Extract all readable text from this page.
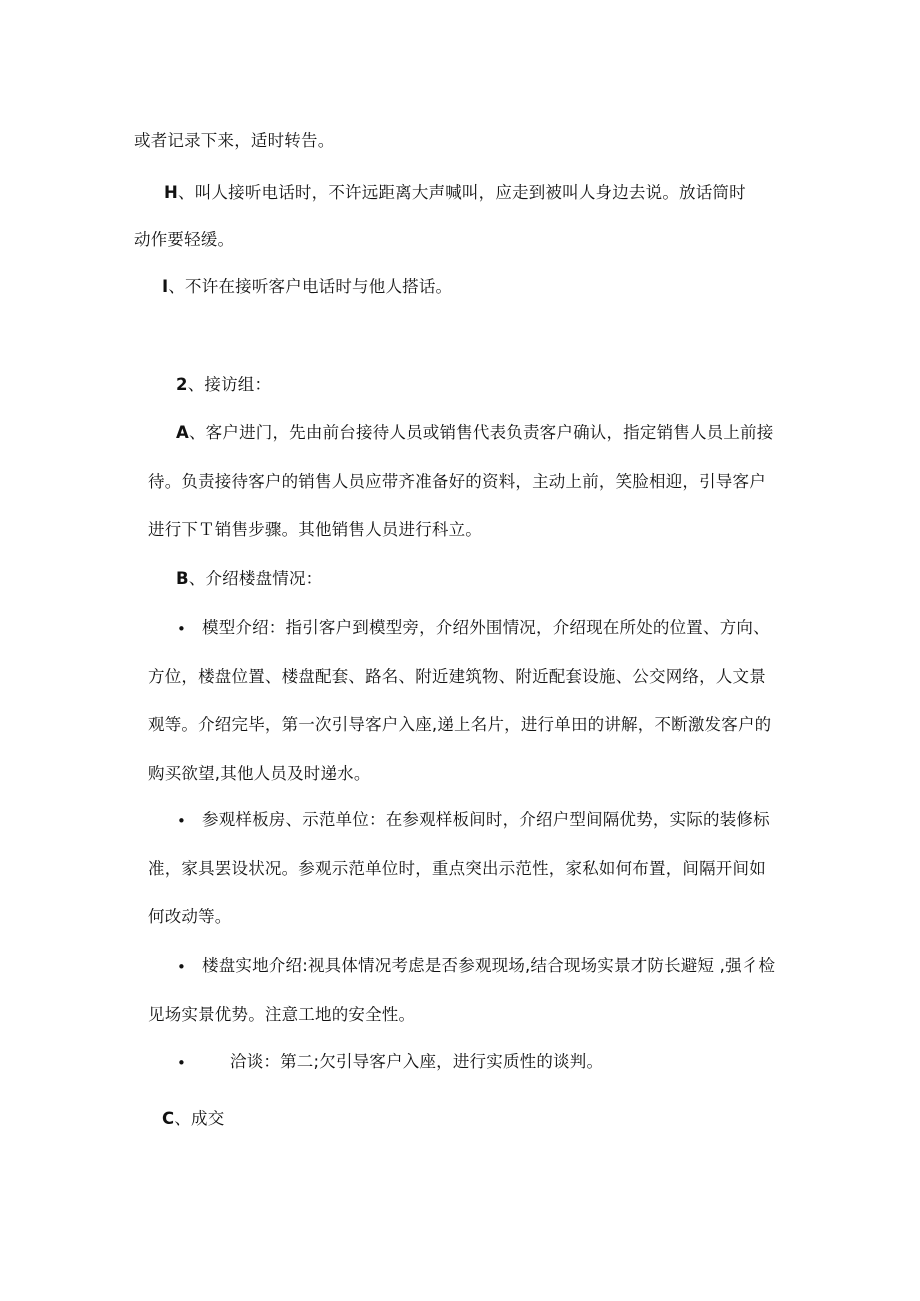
或者记录下来，适时转告。
H、叫人接听电话时，不许远距离大声喊叫，应走到被叫人身边去说。放话筒时
动作要轻缓。
I、不许在接听客户电话时与他人搭话。
2、接访组：
A、客户进门，先由前台接待人员或销售代表负责客户确认，指定销售人员上前接
待。负责接待客户的销售人员应带齐准备好的资料，主动上前，笑脸相迎，引导客户
进行下Ｔ销售步骤。其他销售人员进行科立。
B、介绍楼盘情况：
• 模型介绍：指引客户到模型旁，介绍外围情况，介绍现在所处的位置、方向、
方位，楼盘位置、楼盘配套、路名、附近建筑物、附近配套设施、公交网络，人文景
观等。介绍完毕，第一次引导客户入座,递上名片，进行单田的讲解，不断激发客户的
购买欲望,其他人员及时递水。
• 参观样板房、示范单位：在参观样板间时，介绍户型间隔优势，实际的装修标
准，家具罢设状况。参观示范单位时，重点突出示范性，家私如何布置，间隔开间如
何改动等。
• 楼盘实地介绍:视具体情况考虑是否参观现场,结合现场实景才防长避短 ,强彳检
见场实景优势。注意工地的安全性。
•	洽谈：第二;欠引导客户入座，进行实质性的谈判。
C、成交
